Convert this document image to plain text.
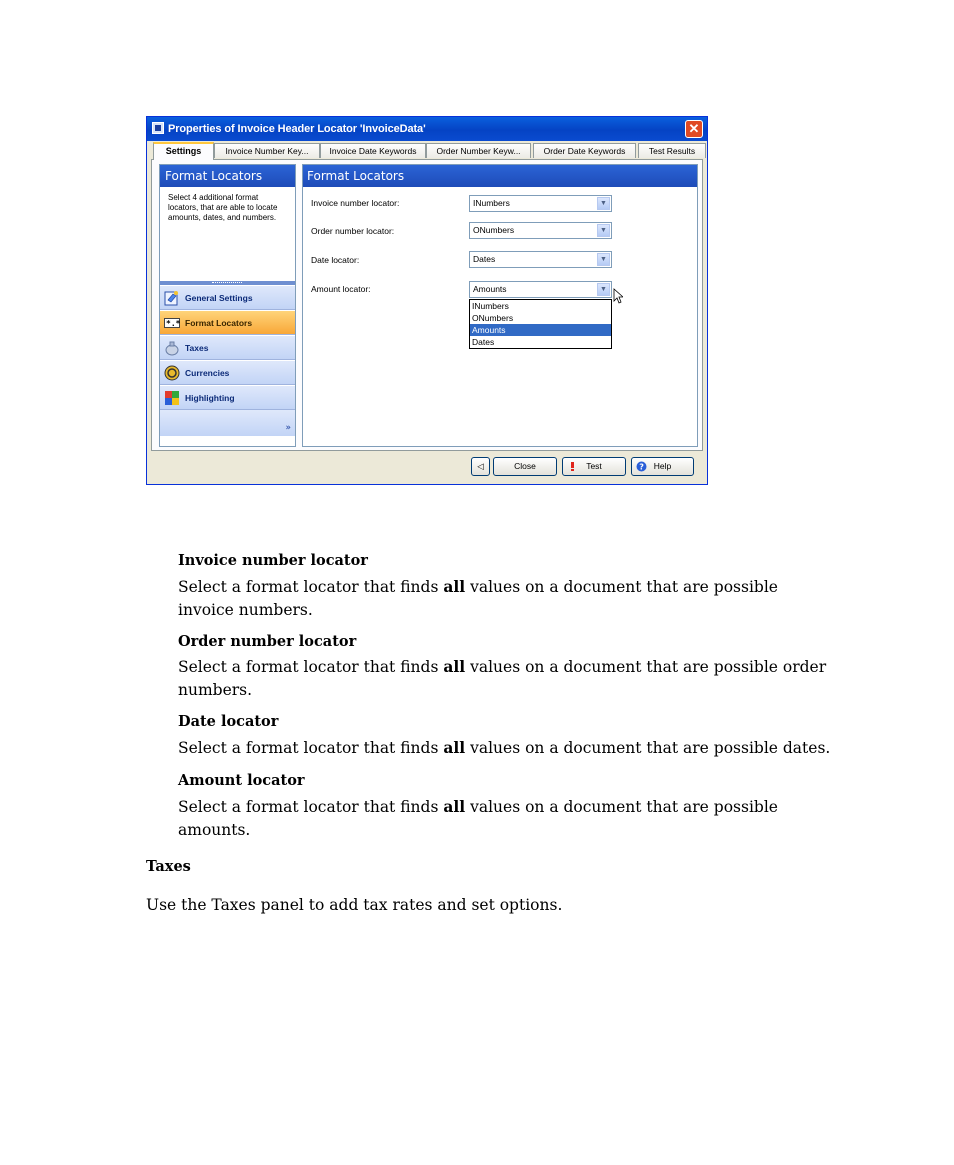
Properties of Invoice Header Locator 'InvoiceData'	✕
Settings	Invoice Number Key...	Invoice Date Keywords	Order Number Keyw...	Order Date Keywords	Test Results
Format Locators
Select 4 additional format locators, that are able to locate amounts, dates, and numbers.
General Settings
*.* Format Locators
Taxes
Currencies
Highlighting
»
Format Locators
Invoice number locator:	INumbers	▼
Order number locator:	ONumbers	▼
Date locator:	Dates	▼
Amount locator:	Amounts	▼
INumbers
ONumbers
Amounts
Dates
◁	Close	Test	? Help
Invoice number locator
Select a format locator that finds all values on a document that are possible invoice numbers.
Order number locator
Select a format locator that finds all values on a document that are possible order numbers.
Date locator
Select a format locator that finds all values on a document that are possible dates.
Amount locator
Select a format locator that finds all values on a document that are possible amounts.
Taxes
Use the Taxes panel to add tax rates and set options.
